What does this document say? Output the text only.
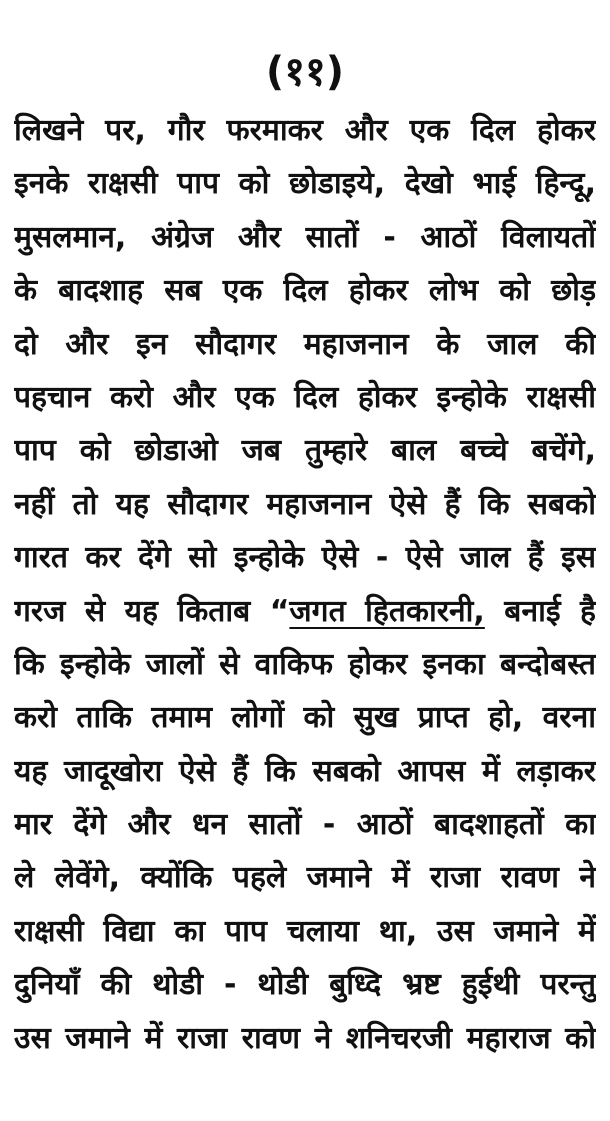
(११)
लिखने पर, गौर फरमाकर और एक दिल होकर
इनके राक्षसी पाप को छोडाइये, देखो भाई हिन्दू,
मुसलमान, अंग्रेज और सातों - आठों विलायतों
के बादशाह सब एक दिल होकर लोभ को छोड़
दो और इन सौदागर महाजनान के जाल की
पहचान करो और एक दिल होकर इन्होके राक्षसी
पाप को छोडाओ जब तुम्हारे बाल बच्चे बचेंगे,
नहीं तो यह सौदागर महाजनान ऐसे हैं कि सबको
गारत कर देंगे सो इन्होके ऐसे - ऐसे जाल हैं इस
गरज से यह किताब “जगत हितकारनी, बनाई है
कि इन्होके जालों से वाकिफ होकर इनका बन्दोबस्त
करो ताकि तमाम लोगों को सुख प्राप्त हो, वरना
यह जादूखोरा ऐसे हैं कि सबको आपस में लड़ाकर
मार देंगे और धन सातों - आठों बादशाहतों का
ले लेवेंगे, क्योंकि पहले जमाने में राजा रावण ने
राक्षसी विद्या का पाप चलाया था, उस जमाने में
दुनियाँ की थोडी - थोडी बुध्दि भ्रष्ट हुईथी परन्तु
उस जमाने में राजा रावण ने शनिचरजी महाराज को
